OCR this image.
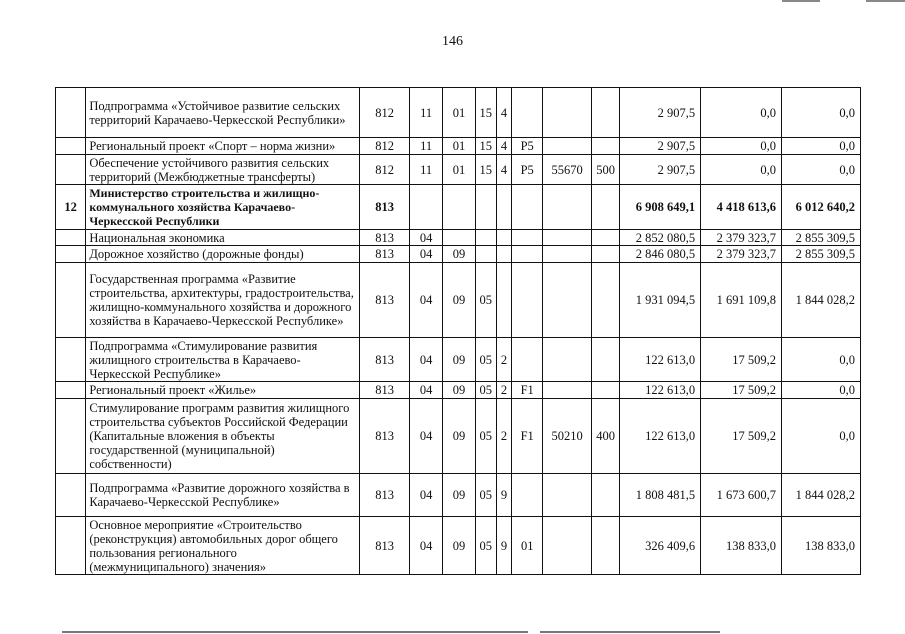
146
	Подпрограмма «Устойчивое развитие сельских территорий Карачаево-Черкесской Республики»	812	11	01	15	4				2 907,5	0,0	0,0
	Региональный проект «Спорт – норма жизни»	812	11	01	15	4	P5			2 907,5	0,0	0,0
	Обеспечение устойчивого развития сельских территорий (Межбюджетные трансферты)	812	11	01	15	4	P5	55670	500	2 907,5	0,0	0,0
12	Министерство строительства и жилищно-коммунального хозяйства Карачаево-Черкесской Республики	813								6 908 649,1	4 418 613,6	6 012 640,2
	Национальная экономика	813	04							2 852 080,5	2 379 323,7	2 855 309,5
	Дорожное хозяйство (дорожные фонды)	813	04	09						2 846 080,5	2 379 323,7	2 855 309,5
	Государственная программа «Развитие строительства, архитектуры, градостроительства, жилищно-коммунального хозяйства и дорожного хозяйства в Карачаево-Черкесской Республике»	813	04	09	05					1 931 094,5	1 691 109,8	1 844 028,2
	Подпрограмма «Стимулирование развития жилищного строительства в Карачаево-Черкесской Республике»	813	04	09	05	2				122 613,0	17 509,2	0,0
	Региональный проект «Жилье»	813	04	09	05	2	F1			122 613,0	17 509,2	0,0
	Стимулирование программ развития жилищного строительства субъектов Российской Федерации (Капитальные вложения в объекты государственной (муниципальной) собственности)	813	04	09	05	2	F1	50210	400	122 613,0	17 509,2	0,0
	Подпрограмма «Развитие дорожного хозяйства в Карачаево-Черкесской Республике»	813	04	09	05	9				1 808 481,5	1 673 600,7	1 844 028,2
	Основное мероприятие «Строительство (реконструкция) автомобильных дорог общего пользования регионального (межмуниципального) значения»	813	04	09	05	9	01			326 409,6	138 833,0	138 833,0
